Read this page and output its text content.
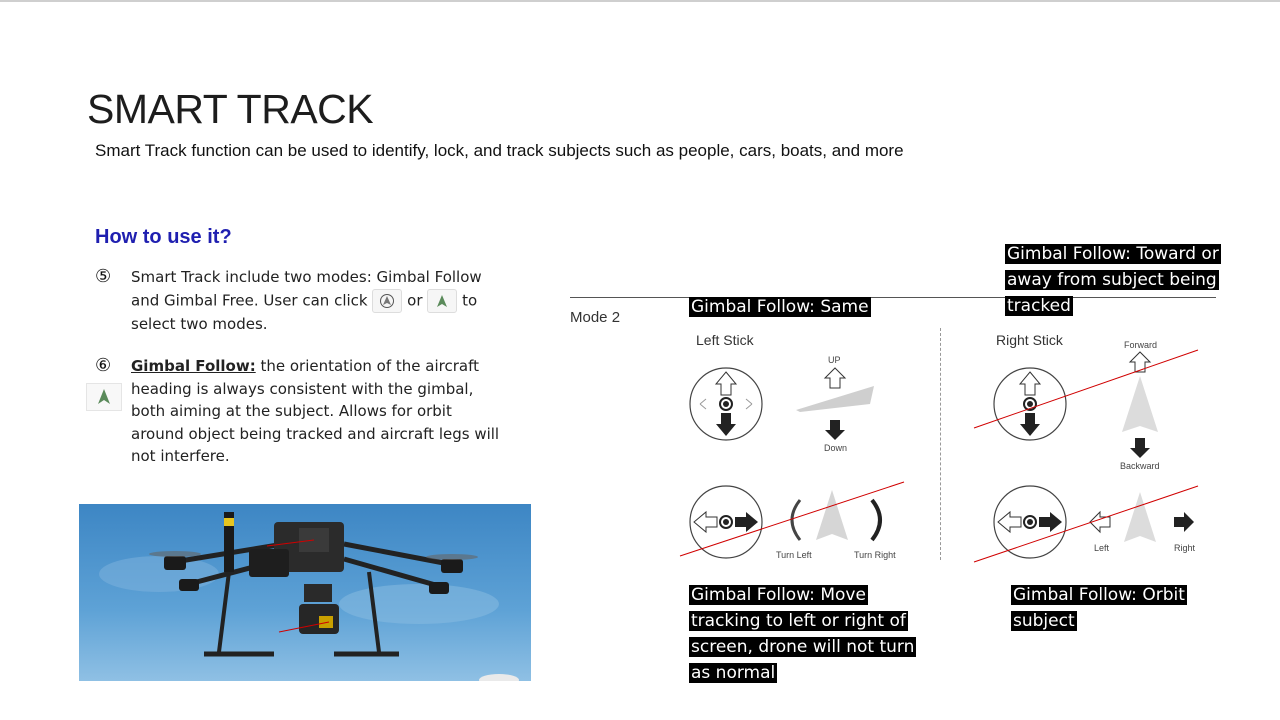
SMART TRACK
Smart Track function can be used to identify, lock, and track subjects such as people, cars, boats, and more
How to use it?
⑤ Smart Track include two modes: Gimbal Follow and Gimbal Free. User can click	or	to select two modes.
⑥ Gimbal Follow: the orientation of the aircraft heading is always consistent with the gimbal, both aiming at the subject. Allows for orbit around object being tracked and aircraft legs will not interfere.
Mode 2
Left Stick	Right Stick
UP
Down
Turn Left	Turn Right
Forward
Backward
Left	Right
Gimbal Follow: Same
Gimbal Follow: Toward or away from subject being tracked
Gimbal Follow: Move tracking to left or right of screen, drone will not turn as normal
Gimbal Follow: Orbit subject
